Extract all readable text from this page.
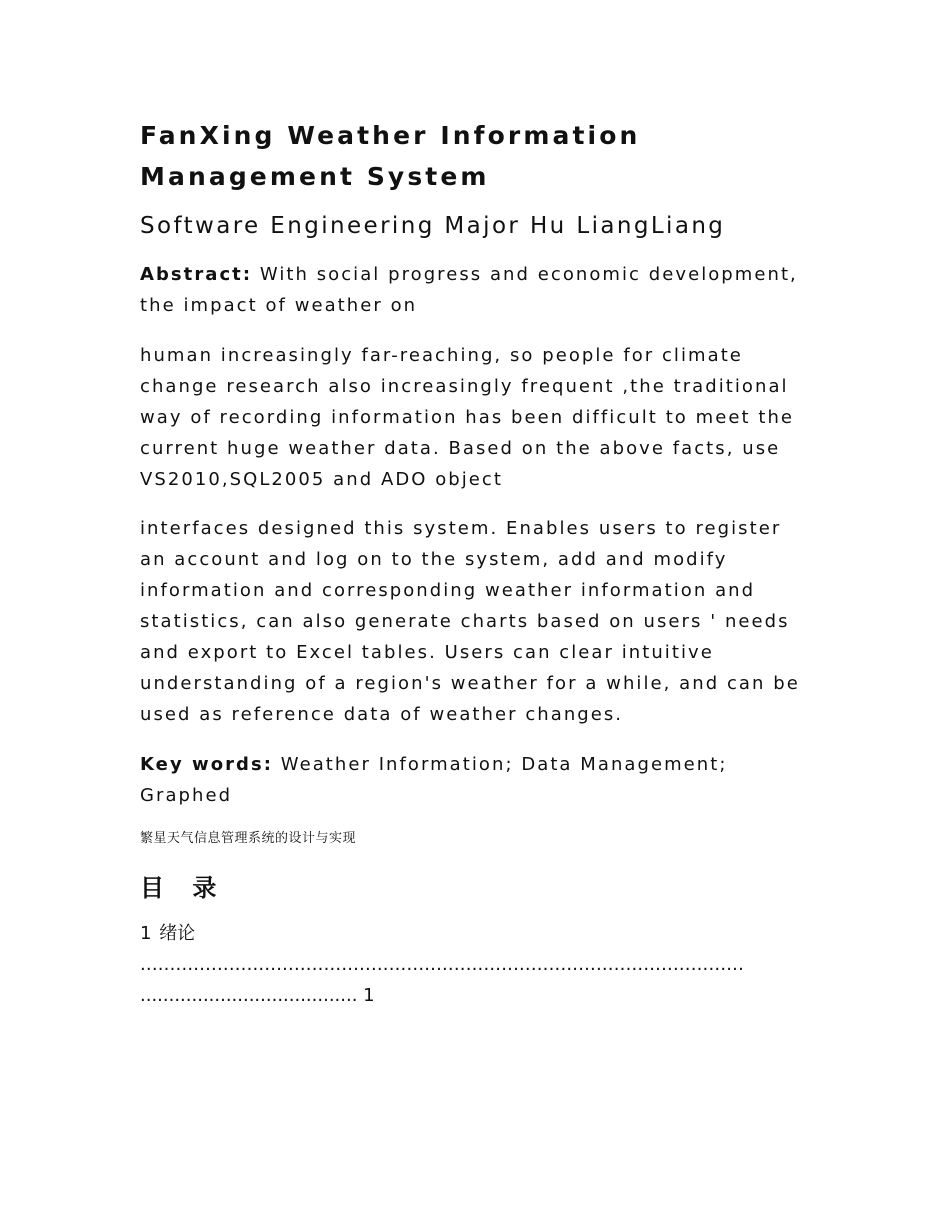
FanXing Weather Information Management System

Software Engineering Major Hu LiangLiang

Abstract: With social progress and economic development, the impact of weather on

human increasingly far-reaching, so people for climate change research also increasingly frequent ,the traditional way of recording information has been difficult to meet the current huge weather data. Based on the above facts, use VS2010,SQL2005 and ADO object

interfaces designed this system. Enables users to register an account and log on to the system, add and modify information and corresponding weather information and statistics, can also generate charts based on users ' needs and export to Excel tables. Users can clear intuitive understanding of a region's weather for a while, and can be used as reference data of weather changes.

Key words: Weather Information; Data Management; Graphed

繁星天气信息管理系统的设计与实现

目 录

1 绪论

......................................................................................................
...................................... 1
